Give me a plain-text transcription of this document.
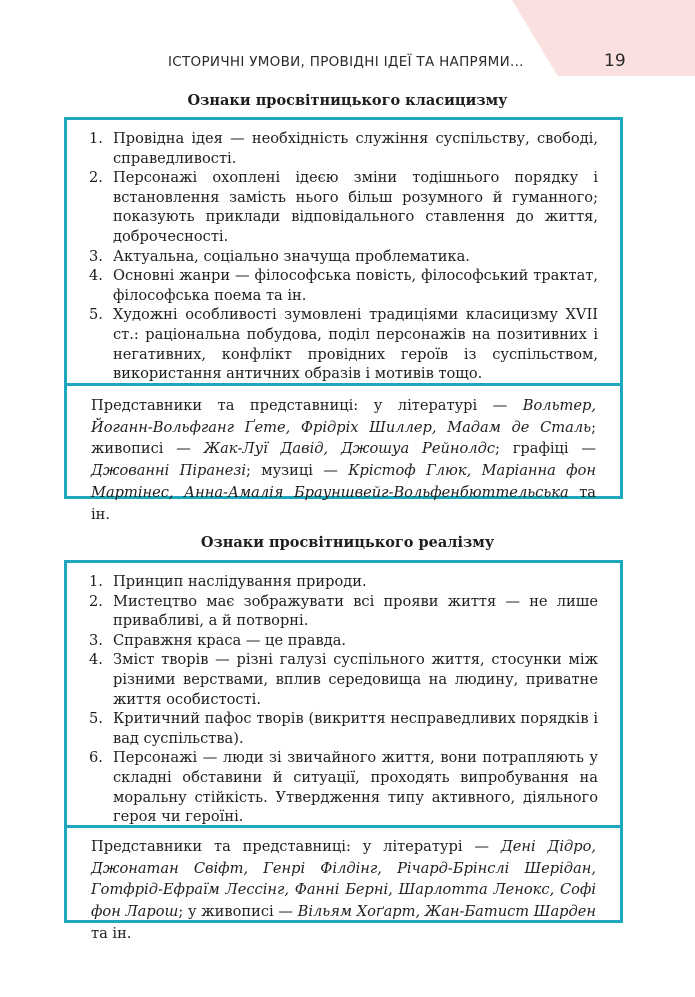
ІСТОРИЧНІ УМОВИ, ПРОВІДНІ ІДЕЇ ТА НАПРЯМИ...	19
Ознаки просвітницького класицизму
1. Провідна ідея — необхідність служіння суспільству, свободі, справедливості.
2. Персонажі охоплені ідеєю зміни тодішнього порядку і встановлення замість нього більш розумного й гуманного; показують приклади відповідального ставлення до життя, доброчесності.
3. Актуальна, соціально значуща проблематика.
4. Основні жанри — філософська повість, філософський трактат, філософська поема та ін.
5. Художні особливості зумовлені традиціями класицизму XVII ст.: раціональна побудова, поділ персонажів на позитивних і негативних, конфлікт провідних героїв із суспільством, використання античних образів і мотивів тощо.

Представники та представниці: у літературі — Вольтер, Йоганн-Вольфганг Ґете, Фрідріх Шиллер, Мадам де Сталь; живописі — Жак-Луї Давід, Джошуа Рейнолдс; графіці — Джованні Піранезі; музиці — Крістоф Глюк, Маріанна фон Мартінес, Анна-Амалія Брауншвейг-Вольфенбюттельська та ін.

Ознаки просвітницького реалізму
1. Принцип наслідування природи.
2. Мистецтво має зображувати всі прояви життя — не лише привабливі, а й потворні.
3. Справжня краса — це правда.
4. Зміст творів — різні галузі суспільного життя, стосунки між різними верствами, вплив середовища на людину, приватне життя особистості.
5. Критичний пафос творів (викриття несправедливих порядків і вад суспільства).
6. Персонажі — люди зі звичайного життя, вони потрапляють у складні обставини й ситуації, проходять випробування на моральну стійкість. Утвердження типу активного, діяльного героя чи героїні.

Представники та представниці: у літературі — Дені Дідро, Джонатан Свіфт, Генрі Філдінг, Річард-Брінслі Шерідан, Готфрід-Ефраїм Лессінг, Фанні Берні, Шарлотта Ленокс, Софі фон Ларош; у живописі — Вільям Хоґарт, Жан-Батист Шарден та ін.
